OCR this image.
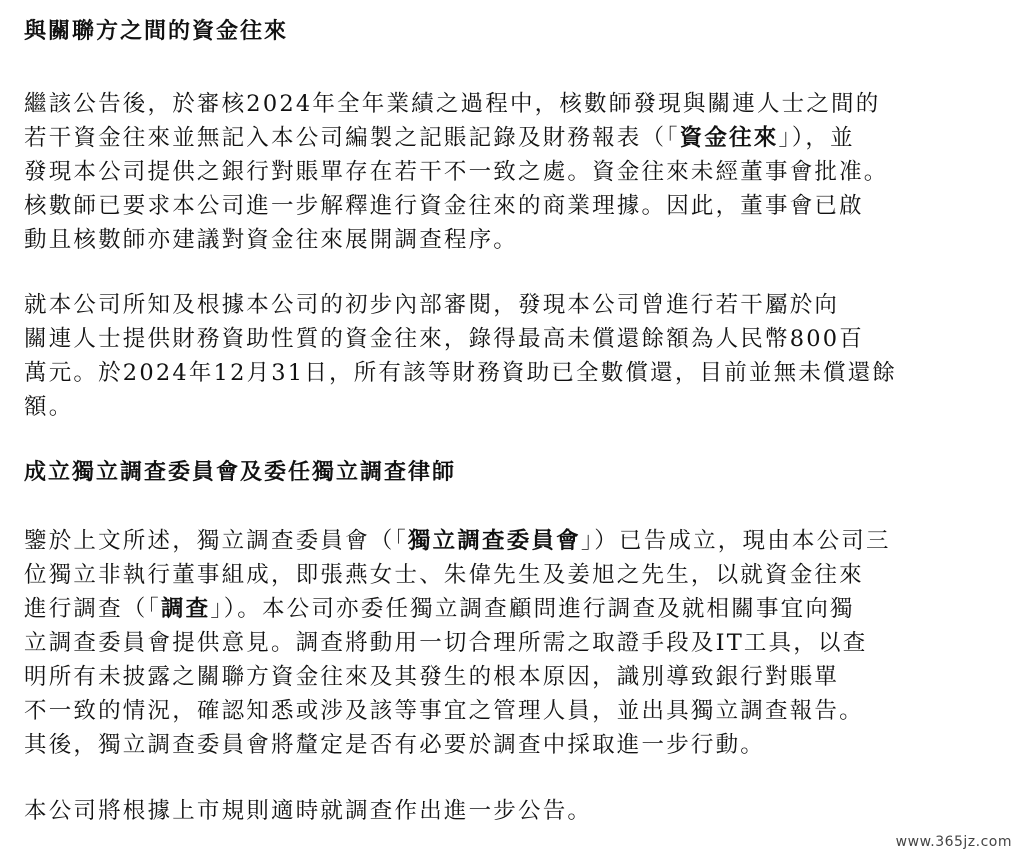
與關聯方之間的資金往來

繼該公告後，於審核2024年全年業績之過程中，核數師發現與關連人士之間的
若干資金往來並無記入本公司編製之記賬記錄及財務報表（「資金往來」），並
發現本公司提供之銀行對賬單存在若干不一致之處。資金往來未經董事會批准。
核數師已要求本公司進一步解釋進行資金往來的商業理據。因此，董事會已啟
動且核數師亦建議對資金往來展開調查程序。

就本公司所知及根據本公司的初步內部審閱，發現本公司曾進行若干屬於向
關連人士提供財務資助性質的資金往來，錄得最高未償還餘額為人民幣800百
萬元。於2024年12月31日，所有該等財務資助已全數償還，目前並無未償還餘
額。

成立獨立調查委員會及委任獨立調查律師

鑒於上文所述，獨立調查委員會（「獨立調查委員會」）已告成立，現由本公司三
位獨立非執行董事組成，即張燕女士、朱偉先生及姜旭之先生，以就資金往來
進行調查（「調查」）。本公司亦委任獨立調查顧問進行調查及就相關事宜向獨
立調查委員會提供意見。調查將動用一切合理所需之取證手段及IT工具，以查
明所有未披露之關聯方資金往來及其發生的根本原因，識別導致銀行對賬單
不一致的情況，確認知悉或涉及該等事宜之管理人員，並出具獨立調查報告。
其後，獨立調查委員會將釐定是否有必要於調查中採取進一步行動。

本公司將根據上市規則適時就調查作出進一步公告。

www.365jz.com
